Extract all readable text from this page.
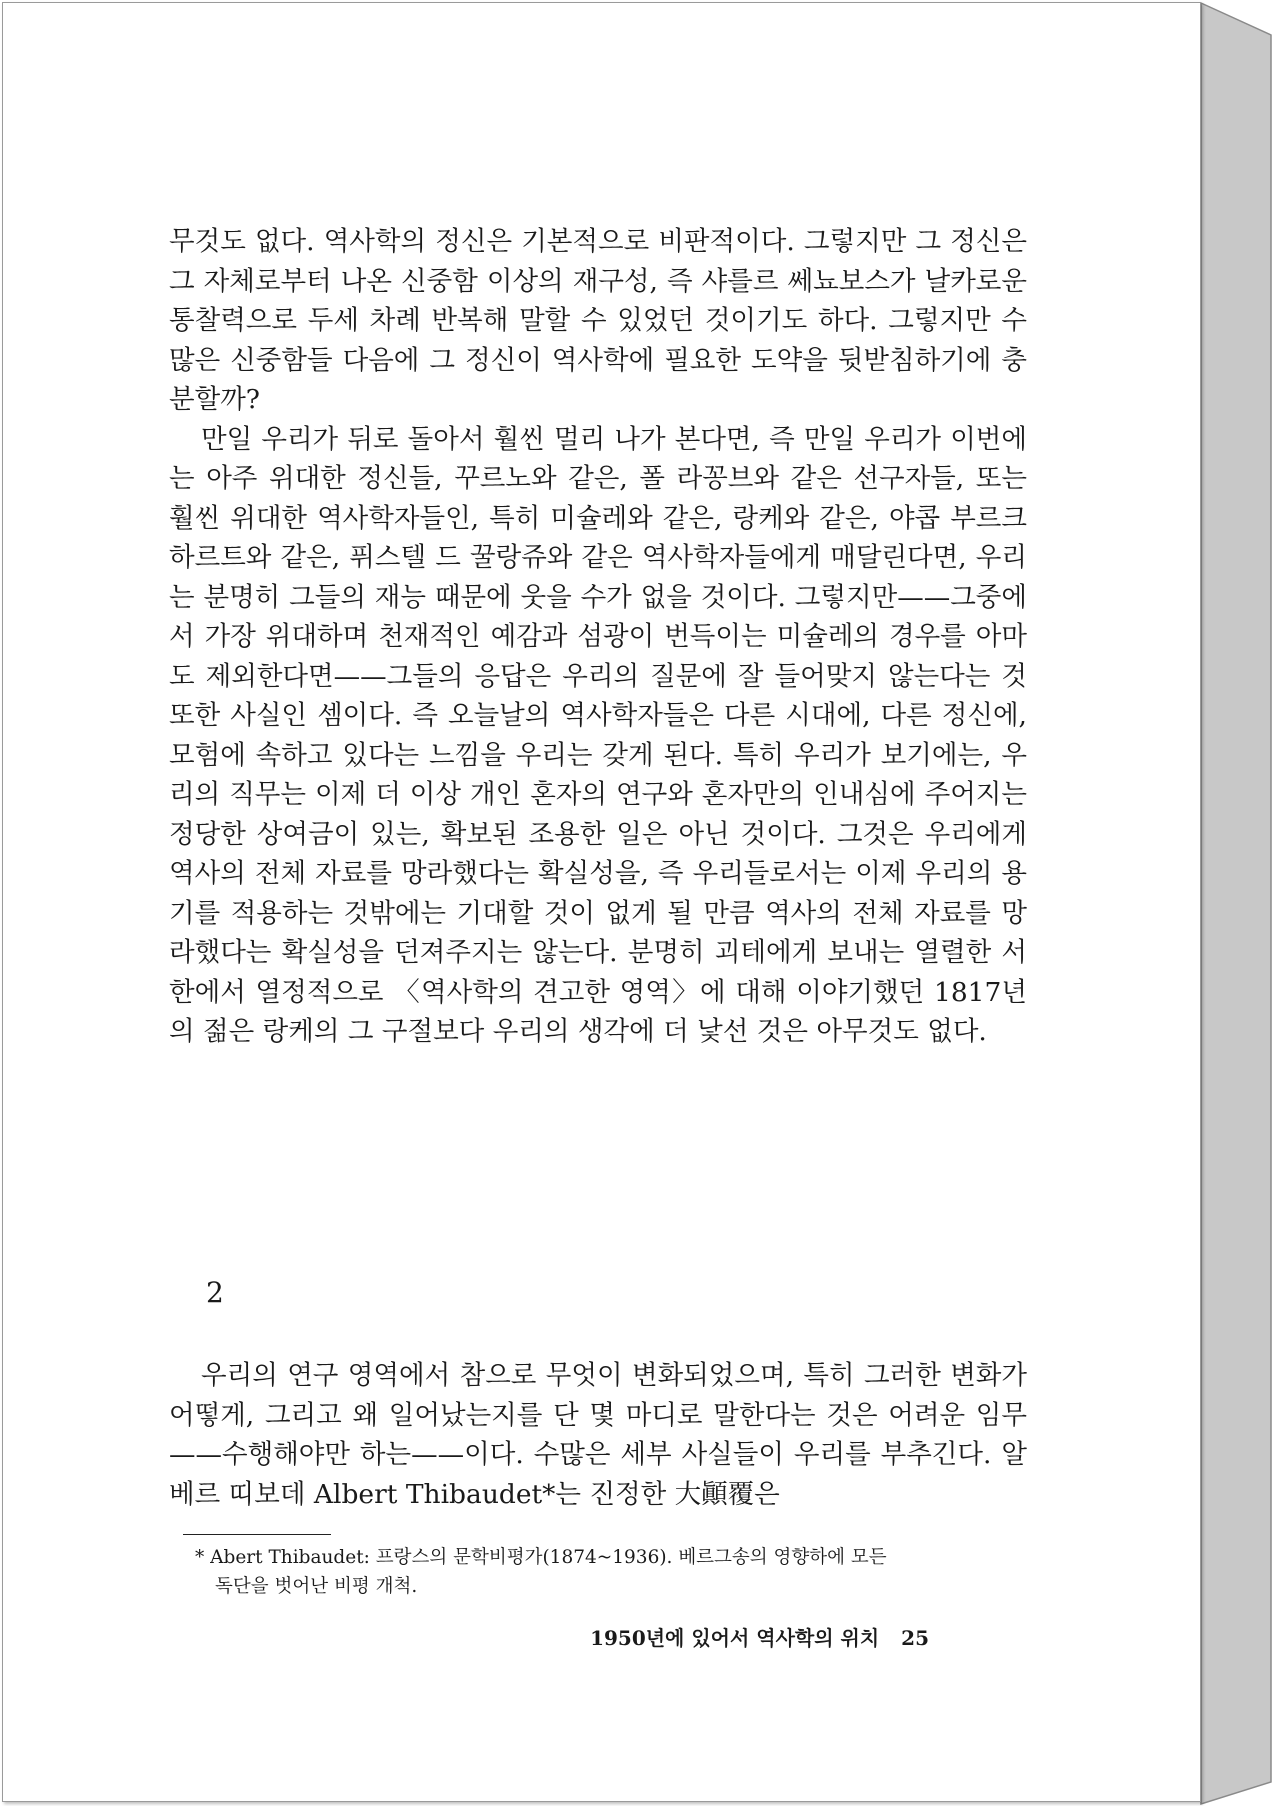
무것도 없다. 역사학의 정신은 기본적으로 비판적이다. 그렇지만 그 정신은 그 자체로부터 나온 신중함 이상의 재구성, 즉 샤를르 쎄뇨보스가 날카로운 통찰력으로 두세 차례 반복해 말할 수 있었던 것이기도 하다. 그렇지만 수많은 신중함들 다음에 그 정신이 역사학에 필요한 도약을 뒷받침하기에 충분할까?

만일 우리가 뒤로 돌아서 훨씬 멀리 나가 본다면, 즉 만일 우리가 이번에는 아주 위대한 정신들, 꾸르노와 같은, 폴 라꽁브와 같은 선구자들, 또는 훨씬 위대한 역사학자들인, 특히 미슐레와 같은, 랑케와 같은, 야콥 부르크하르트와 같은, 퓌스텔 드 꿀랑쥬와 같은 역사학자들에게 매달린다면, 우리는 분명히 그들의 재능 때문에 웃을 수가 없을 것이다. 그렇지만——그중에서 가장 위대하며 천재적인 예감과 섬광이 번득이는 미슐레의 경우를 아마도 제외한다면——그들의 응답은 우리의 질문에 잘 들어맞지 않는다는 것 또한 사실인 셈이다. 즉 오늘날의 역사학자들은 다른 시대에, 다른 정신에, 모험에 속하고 있다는 느낌을 우리는 갖게 된다. 특히 우리가 보기에는, 우리의 직무는 이제 더 이상 개인 혼자의 연구와 혼자만의 인내심에 주어지는 정당한 상여금이 있는, 확보된 조용한 일은 아닌 것이다. 그것은 우리에게 역사의 전체 자료를 망라했다는 확실성을, 즉 우리들로서는 이제 우리의 용기를 적용하는 것밖에는 기대할 것이 없게 될 만큼 역사의 전체 자료를 망라했다는 확실성을 던져주지는 않는다. 분명히 괴테에게 보내는 열렬한 서한에서 열정적으로 〈역사학의 견고한 영역〉에 대해 이야기했던 1817년의 젊은 랑케의 그 구절보다 우리의 생각에 더 낯선 것은 아무것도 없다.

2

우리의 연구 영역에서 참으로 무엇이 변화되었으며, 특히 그러한 변화가 어떻게, 그리고 왜 일어났는지를 단 몇 마디로 말한다는 것은 어려운 임무——수행해야만 하는——이다. 수많은 세부 사실들이 우리를 부추긴다. 알베르 띠보데 Albert Thibaudet*는 진정한 大顚覆은

* Abert Thibaudet: 프랑스의 문학비평가(1874~1936). 베르그송의 영향하에 모든
독단을 벗어난 비평 개척.
1950년에 있어서 역사학의 위치 25
